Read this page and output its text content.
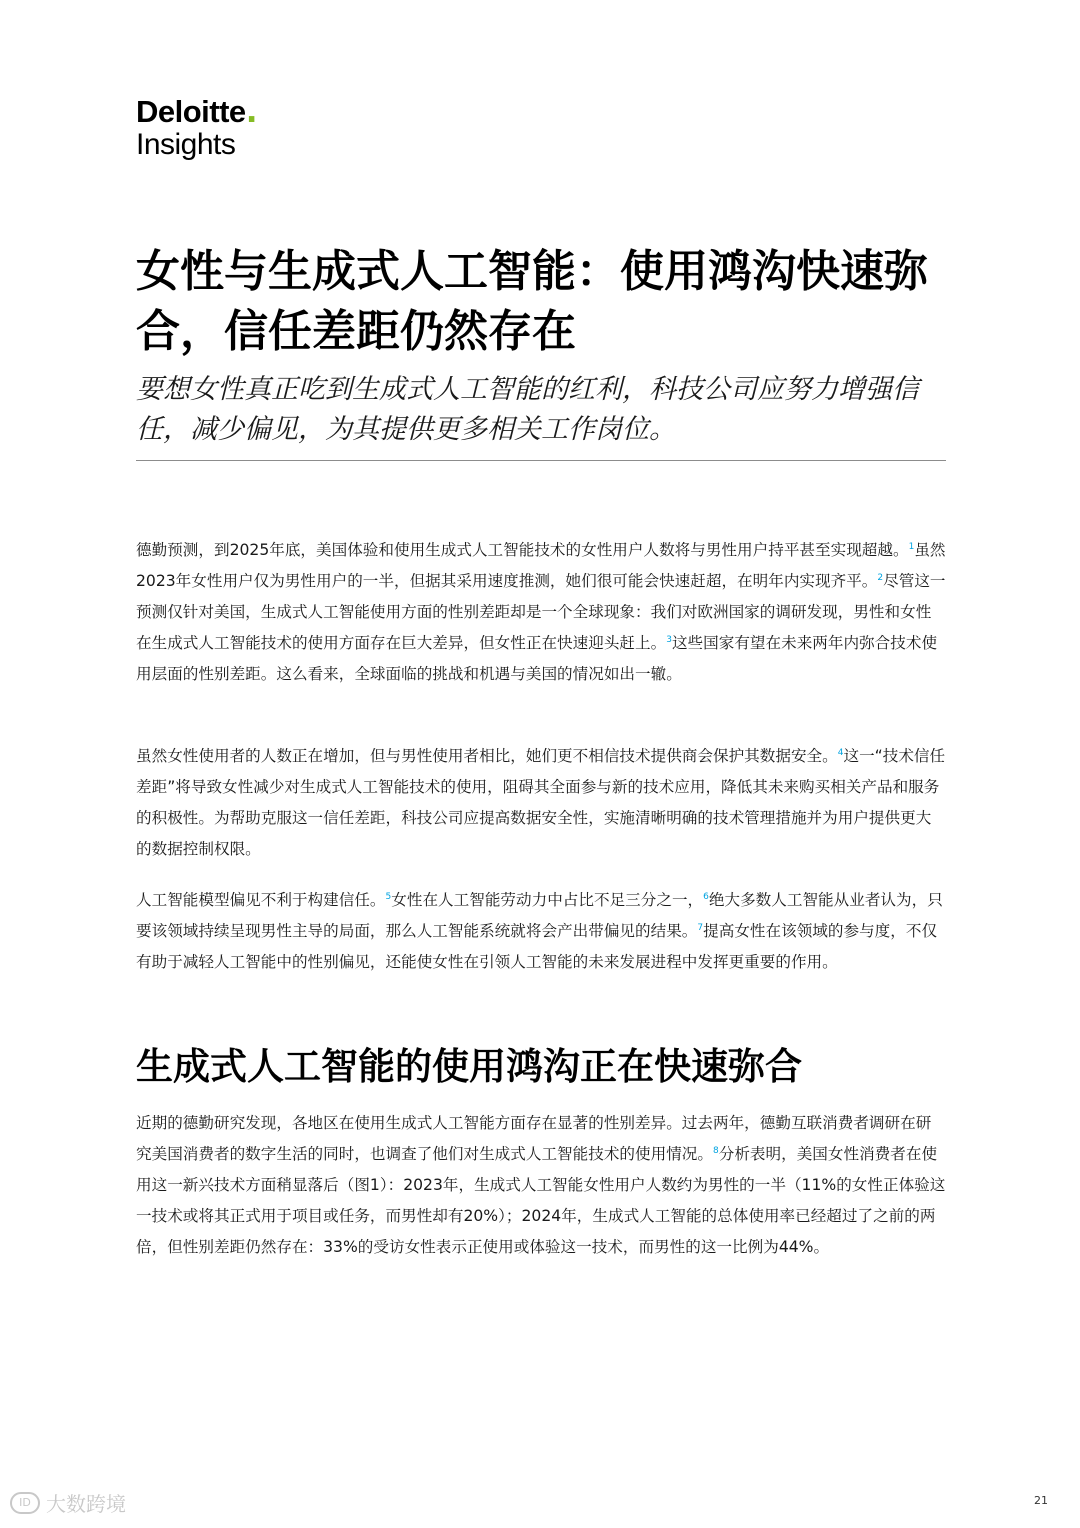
Deloitte.
Insights
女性与生成式人工智能：使用鸿沟快速弥合，信任差距仍然存在

要想女性真正吃到生成式人工智能的红利，科技公司应努力增强信任，减少偏见，为其提供更多相关工作岗位。

德勤预测，到2025年底，美国体验和使用生成式人工智能技术的女性用户人数将与男性用户持平甚至实现超越。$^1$虽然2023年女性用户仅为男性用户的一半，但据其采用速度推测，她们很可能会快速赶超，在明年内实现齐平。$^2$尽管这一预测仅针对美国，生成式人工智能使用方面的性别差距却是一个全球现象：我们对欧洲国家的调研发现，男性和女性在生成式人工智能技术的使用方面存在巨大差异，但女性正在快速迎头赶上。$^3$这些国家有望在未来两年内弥合技术使用层面的性别差距。这么看来，全球面临的挑战和机遇与美国的情况如出一辙。

虽然女性使用者的人数正在增加，但与男性使用者相比，她们更不相信技术提供商会保护其数据安全。$^4$这一“技术信任差距”将导致女性减少对生成式人工智能技术的使用，阻碍其全面参与新的技术应用，降低其未来购买相关产品和服务的积极性。为帮助克服这一信任差距，科技公司应提高数据安全性，实施清晰明确的技术管理措施并为用户提供更大的数据控制权限。

人工智能模型偏见不利于构建信任。$^5$女性在人工智能劳动力中占比不足三分之一，$^6$绝大多数人工智能从业者认为，只要该领域持续呈现男性主导的局面，那么人工智能系统就将会产出带偏见的结果。$^7$提高女性在该领域的参与度，不仅有助于减轻人工智能中的性别偏见，还能使女性在引领人工智能的未来发展进程中发挥更重要的作用。

生成式人工智能的使用鸿沟正在快速弥合

近期的德勤研究发现，各地区在使用生成式人工智能方面存在显著的性别差异。过去两年，德勤互联消费者调研在研究美国消费者的数字生活的同时，也调查了他们对生成式人工智能技术的使用情况。$^8$分析表明，美国女性消费者在使用这一新兴技术方面稍显落后（图1）：2023年，生成式人工智能女性用户人数约为男性的一半（11%的女性正体验这一技术或将其正式用于项目或任务，而男性却有20%）；2024年，生成式人工智能的总体使用率已经超过了之前的两倍，但性别差距仍然存在：33%的受访女性表示正使用或体验这一技术，而男性的这一比例为44%。

ID 大数跨境	21
